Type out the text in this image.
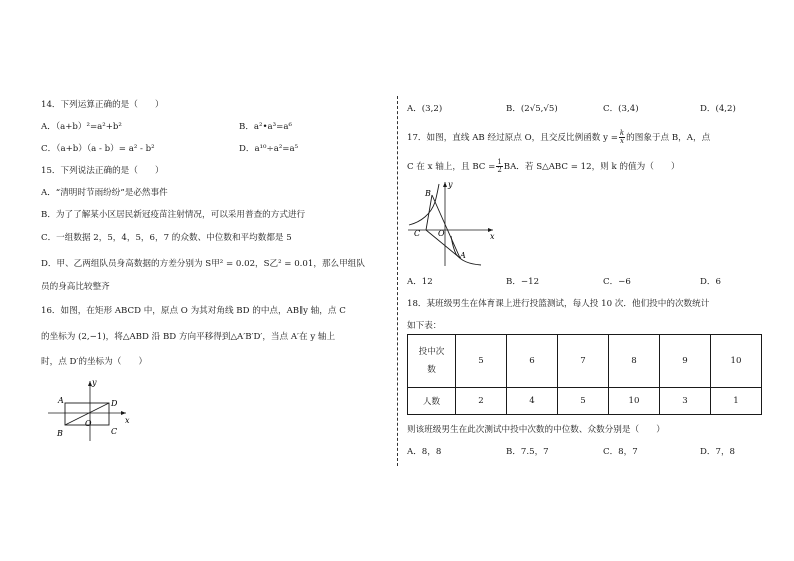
14．下列运算正确的是（　　）
A．（a+b）²=a²+b²	B．a²•a³=a⁶
C．（a+b）（a - b）= a² - b²	D．a¹⁰÷a²=a⁵
15．下列说法正确的是（　　）
A．“清明时节雨纷纷”是必然事件
B．为了了解某小区居民新冠疫苗注射情况，可以采用普查的方式进行
C．一组数据 2，5，4，5，6，7 的众数、中位数和平均数都是 5
D．甲、乙两组队员身高数据的方差分别为 S甲² = 0.02，S乙² = 0.01，那么甲组队
员的身高比较整齐
16．如图，在矩形 ABCD 中，原点 O 为其对角线 BD 的中点，AB∥y 轴，点 C
的坐标为 (2,−1)，将△ABD 沿 BD 方向平移得到△A′B′D′，当点 A′在 y 轴上
时，点 D′的坐标为（　　）
A
B	C
D
O	x
y
A．(3,2)	B．(2√5,√5)	C．(3,4)	D．(4,2)
17．如图，直线 AB 经过原点 O，且交反比例函数 $y = \frac{k}{x}$ 的图象于点 B，A，点
C 在 x 轴上，且 BC = $\frac{1}{2}$ BA．若 S△ABC = 12，则 k 的值为（　　）
B
C O
A
x
y
A．12	B．−12	C．−6	D．6
18．某班级男生在体育课上进行投篮测试，每人投 10 次．他们投中的次数统计
如下表：
投中次数	5	6	7	8	9	10
人数	2	4	5	10	3	1
则该班级男生在此次测试中投中次数的中位数、众数分别是（　　）
A．8，8	B．7.5，7	C．8，7	D．7，8
